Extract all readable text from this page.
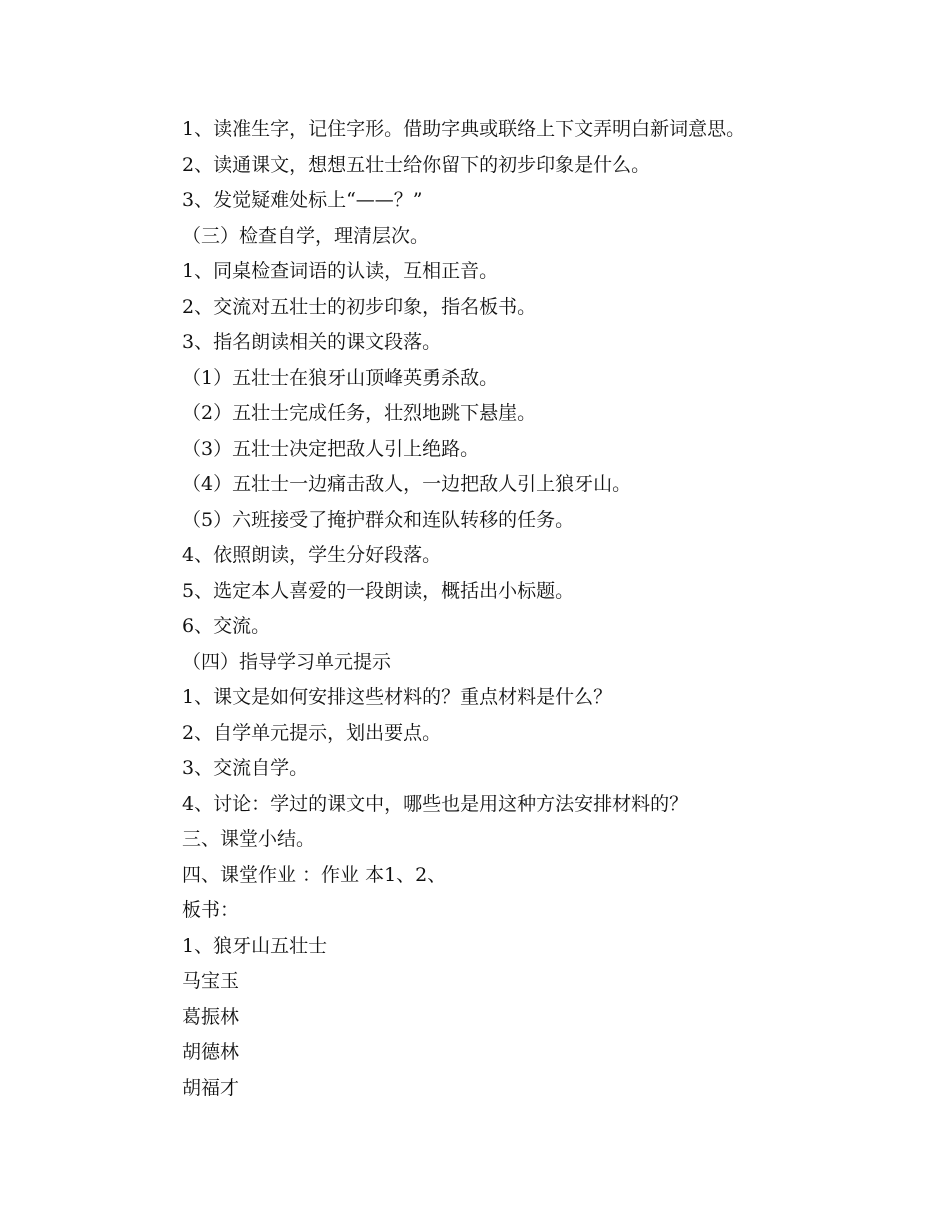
1、读准生字，记住字形。借助字典或联络上下文弄明白新词意思。
2、读通课文，想想五壮士给你留下的初步印象是什么。
3、发觉疑难处标上“——？”
（三）检查自学，理清层次。
1、同桌检查词语的认读，互相正音。
2、交流对五壮士的初步印象，指名板书。
3、指名朗读相关的课文段落。
（1）五壮士在狼牙山顶峰英勇杀敌。
（2）五壮士完成任务，壮烈地跳下悬崖。
（3）五壮士决定把敌人引上绝路。
（4）五壮士一边痛击敌人，一边把敌人引上狼牙山。
（5）六班接受了掩护群众和连队转移的任务。
4、依照朗读，学生分好段落。
5、选定本人喜爱的一段朗读，概括出小标题。
6、交流。
（四）指导学习单元提示
1、课文是如何安排这些材料的？重点材料是什么？
2、自学单元提示，划出要点。
3、交流自学。
4、讨论：学过的课文中，哪些也是用这种方法安排材料的？
三、课堂小结。
四、课堂作业 ：作业 本1、2、
板书：
1、狼牙山五壮士
马宝玉
葛振林
胡德林
胡福才
